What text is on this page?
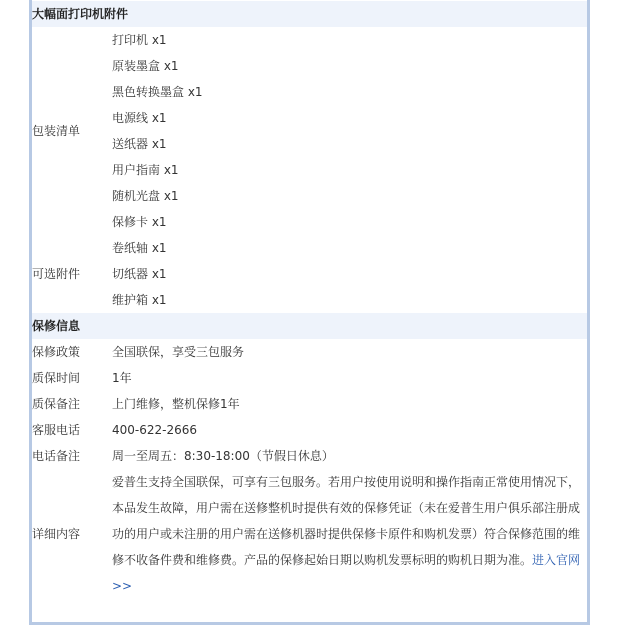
大幅面打印机附件	
包装清单	打印机 x1
	原装墨盒 x1
	黑色转换墨盒 x1
	电源线 x1
	送纸器 x1
	用户指南 x1
	随机光盘 x1
	保修卡 x1
可选附件	卷纸轴 x1
	切纸器 x1
	维护箱 x1
保修信息	
保修政策	全国联保，享受三包服务
质保时间	1年
质保备注	上门维修，整机保修1年
客服电话	400-622-2666
电话备注	周一至周五：8:30-18:00（节假日休息）
详细内容	爱普生支持全国联保，可享有三包服务。若用户按使用说明和操作指南正常使用情况下，本品发生故障，用户需在送修整机时提供有效的保修凭证（未在爱普生用户俱乐部注册成功的用户或未注册的用户需在送修机器时提供保修卡原件和购机发票）符合保修范围的维修不收备件费和维修费。产品的保修起始日期以购机发票标明的购机日期为准。进入官网>>
